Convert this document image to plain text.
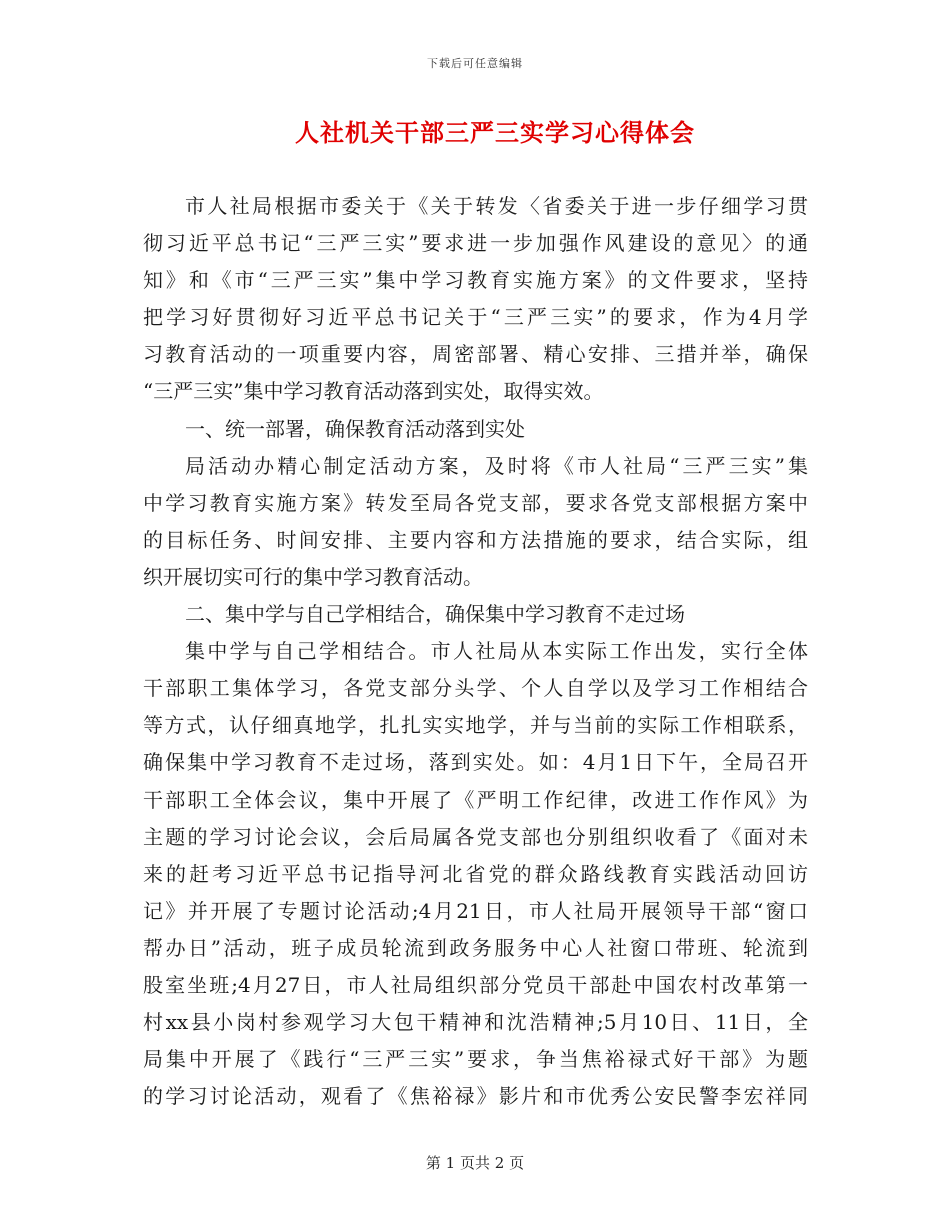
下载后可任意编辑
人社机关干部三严三实学习心得体会
市人社局根据市委关于《关于转发〈省委关于进一步仔细学习贯
彻习近平总书记“三严三实”要求进一步加强作风建设的意见〉的通
知》和《市“三严三实”集中学习教育实施方案》的文件要求，坚持
把学习好贯彻好习近平总书记关于“三严三实”的要求，作为4月学
习教育活动的一项重要内容，周密部署、精心安排、三措并举，确保
“三严三实”集中学习教育活动落到实处，取得实效。
一、统一部署，确保教育活动落到实处
局活动办精心制定活动方案，及时将《市人社局“三严三实”集
中学习教育实施方案》转发至局各党支部，要求各党支部根据方案中
的目标任务、时间安排、主要内容和方法措施的要求，结合实际，组
织开展切实可行的集中学习教育活动。
二、集中学与自己学相结合，确保集中学习教育不走过场
集中学与自己学相结合。市人社局从本实际工作出发，实行全体
干部职工集体学习，各党支部分头学、个人自学以及学习工作相结合
等方式，认仔细真地学，扎扎实实地学，并与当前的实际工作相联系，
确保集中学习教育不走过场，落到实处。如：4月1日下午，全局召开
干部职工全体会议，集中开展了《严明工作纪律，改进工作作风》为
主题的学习讨论会议，会后局属各党支部也分别组织收看了《面对未
来的赶考习近平总书记指导河北省党的群众路线教育实践活动回访
记》并开展了专题讨论活动;4月21日，市人社局开展领导干部“窗口
帮办日”活动，班子成员轮流到政务服务中心人社窗口带班、轮流到
股室坐班;4月27日，市人社局组织部分党员干部赴中国农村改革第一
村xx县小岗村参观学习大包干精神和沈浩精神;5月10日、11日，全
局集中开展了《践行“三严三实”要求，争当焦裕禄式好干部》为题
的学习讨论活动，观看了《焦裕禄》影片和市优秀公安民警李宏祥同
第 1 页共 2 页
